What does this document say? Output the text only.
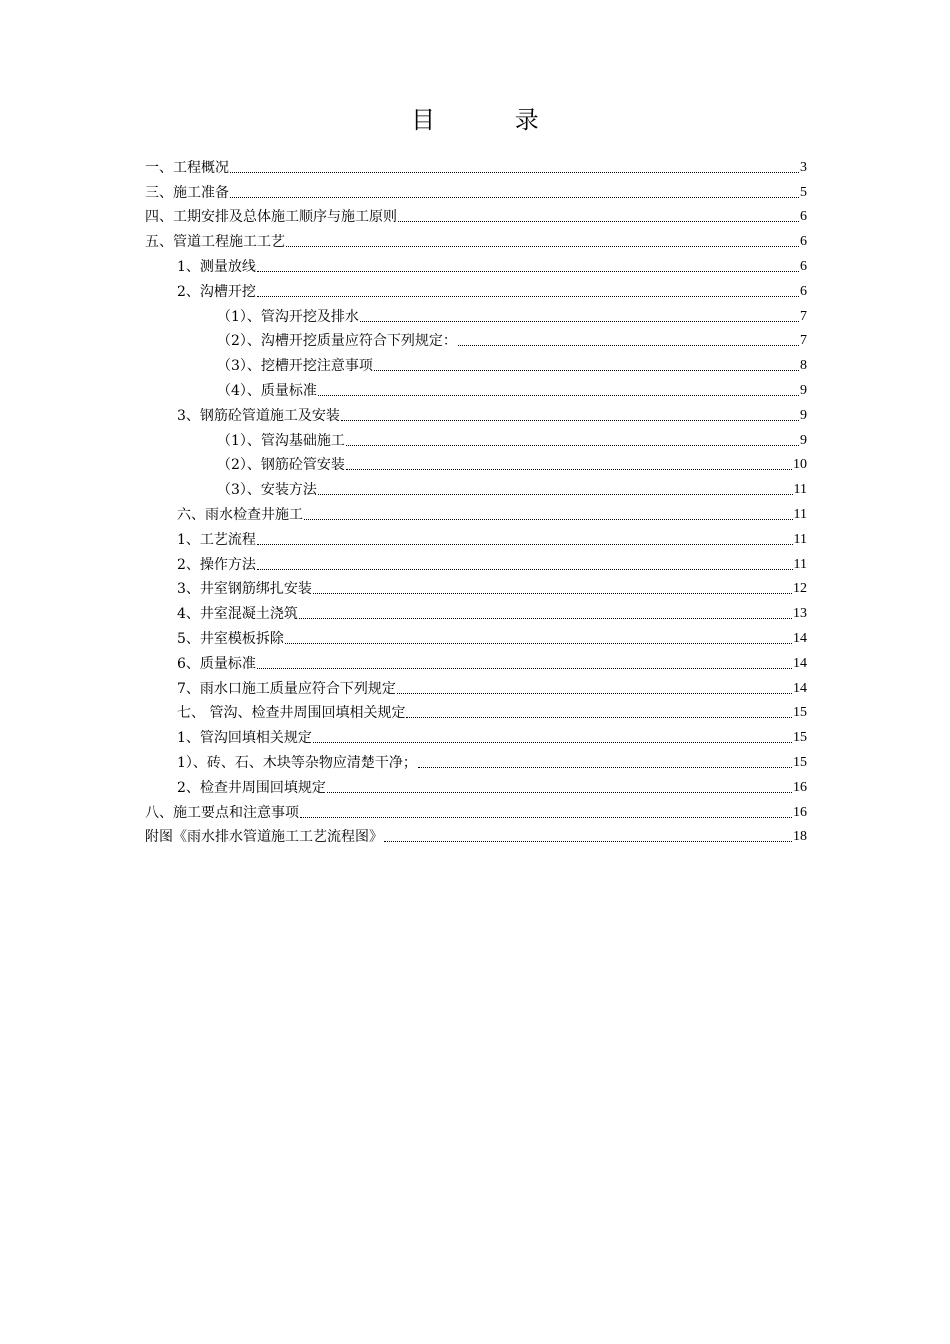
目 录
一、工程概况	3
三、施工准备	5
四、工期安排及总体施工顺序与施工原则	6
五、管道工程施工工艺	6
1、测量放线	6
2、沟槽开挖	6
（1）、管沟开挖及排水	7
（2）、沟槽开挖质量应符合下列规定：	7
（3）、挖槽开挖注意事项	8
（4）、质量标准	9
3、钢筋砼管道施工及安装	9
（1）、管沟基础施工	9
（2）、钢筋砼管安装	10
（3）、安装方法	11
六、雨水检查井施工	11
1、工艺流程	11
2、操作方法	11
3、井室钢筋绑扎安装	12
4、井室混凝土浇筑	13
5、井室模板拆除	14
6、质量标准	14
7、雨水口施工质量应符合下列规定	14
七、 管沟、检查井周围回填相关规定	15
1、管沟回填相关规定	15
1）、砖、石、木块等杂物应清楚干净；	15
2、检查井周围回填规定	16
八、施工要点和注意事项	16
附图《雨水排水管道施工工艺流程图》	18
